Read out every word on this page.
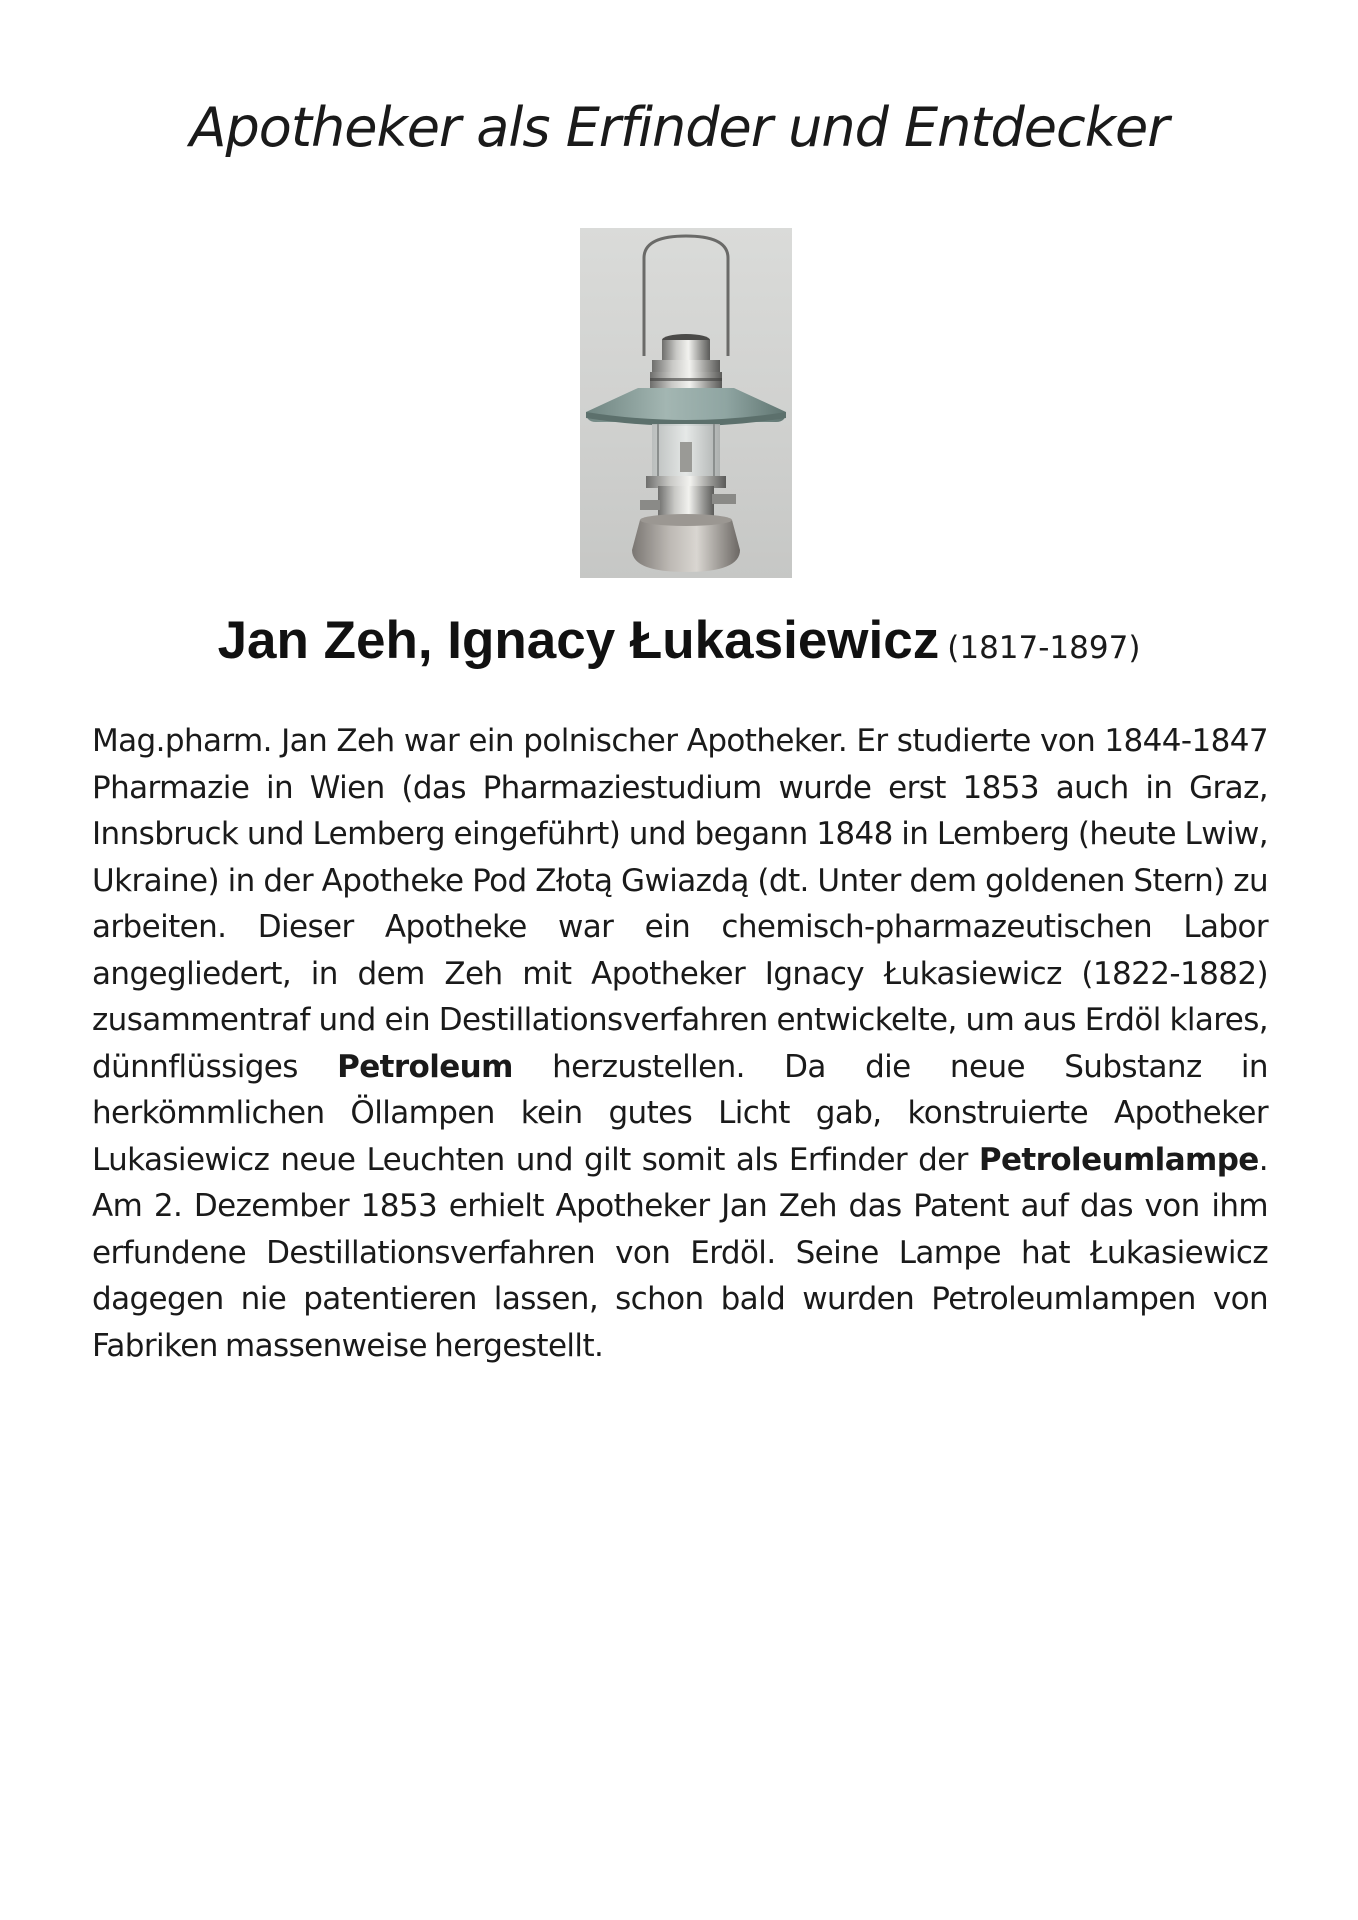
Apotheker als Erfinder und Entdecker
Jan Zeh, Ignacy Łukasiewicz (1817-1897)

Mag.pharm. Jan Zeh war ein polnischer Apotheker. Er studierte von 1844-1847 Pharmazie in Wien (das Pharmaziestudium wurde erst 1853 auch in Graz, Innsbruck und Lemberg eingeführt) und begann 1848 in Lemberg (heute Lwiw, Ukraine) in der Apotheke Pod Złotą Gwiazdą (dt. Unter dem goldenen Stern) zu arbeiten. Dieser Apotheke war ein chemisch-pharmazeutischen Labor angegliedert, in dem Zeh mit Apotheker Ignacy Łukasiewicz (1822-1882) zusammentraf und ein Destillationsverfahren entwickelte, um aus Erdöl klares, dünnflüssiges Petroleum herzustellen. Da die neue Substanz in herkömmlichen Öllampen kein gutes Licht gab, konstruierte Apotheker Lukasiewicz neue Leuchten und gilt somit als Erfinder der Petroleumlampe. Am 2. Dezember 1853 erhielt Apotheker Jan Zeh das Patent auf das von ihm erfundene Destillationsverfahren von Erdöl. Seine Lampe hat Łukasiewicz dagegen nie patentieren lassen, schon bald wurden Petroleumlampen von Fabriken massenweise hergestellt.
